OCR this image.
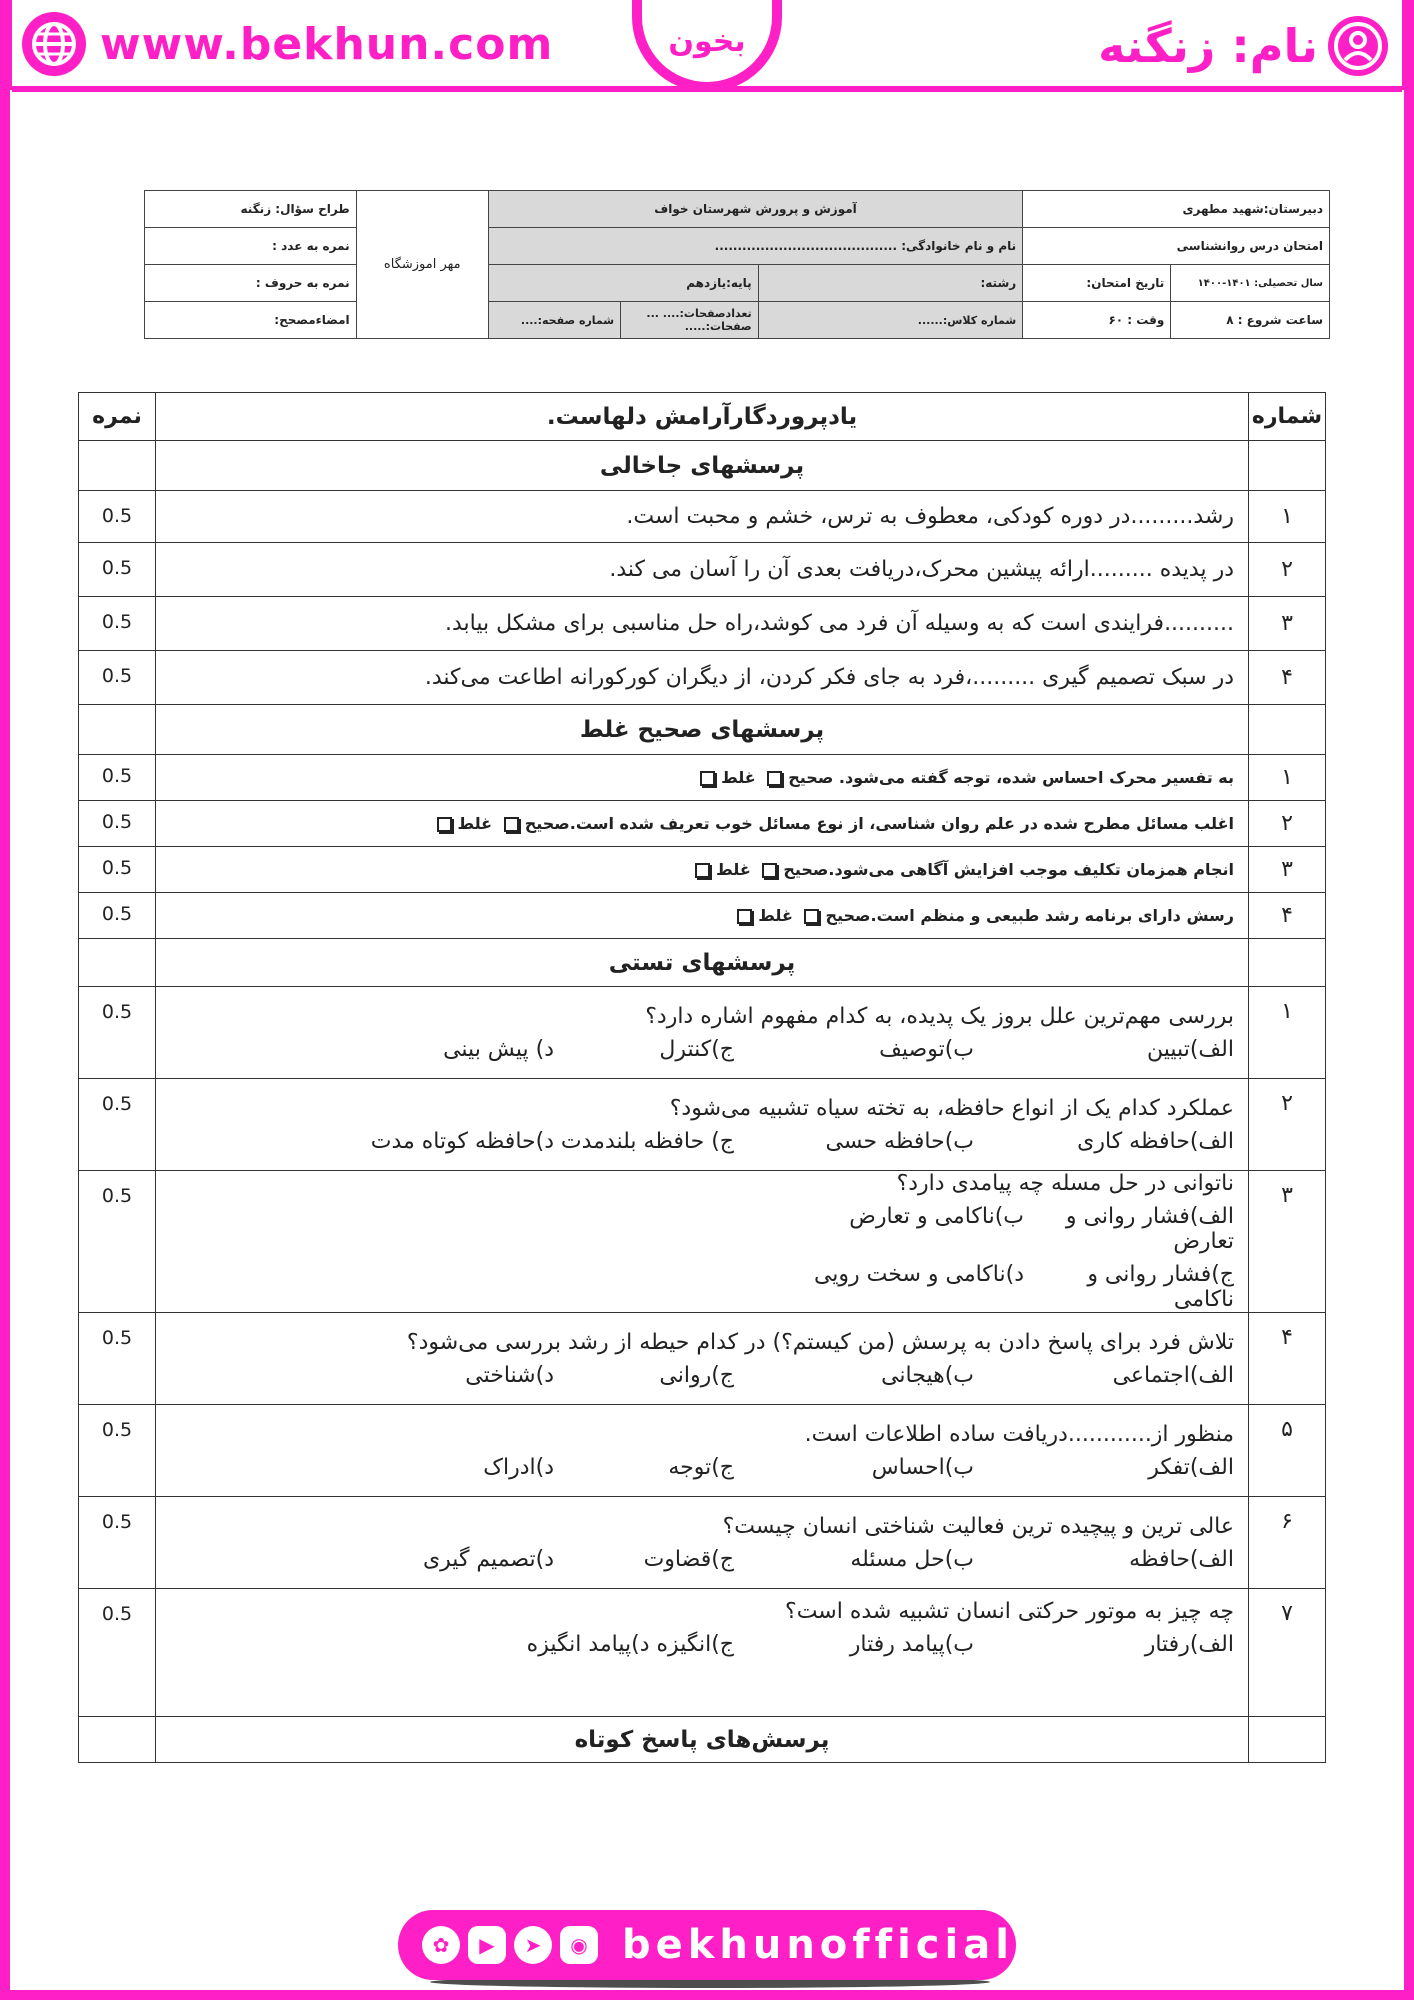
www.bekhun.com	بخون	نام: زنگنه
دبیرستان:شهید مطهری		آموزش و پرورش شهرستان خواف			مهر اموزشگاه	طراح سؤال: زنگنه
امتحان درس روانشناسی		نام و نام خانوادگی: ........................................				نمره به عدد :
سال تحصیلی: ۱۴۰۱-۱۴۰۰	تاریخ امتحان:	رشته:	پایه:یازدهم			نمره به حروف :
ساعت شروع : ۸	وقت : ۶۰	شماره کلاس:......	تعدادصفحات:.... ... صفحات:.....	شماره صفحه:....		امضاءمصحح:
شماره	یادپروردگارآرامش دلهاست.	نمره
	پرسشهای جاخالی	
۱	رشد.........در دوره کودکی، معطوف به ترس، خشم و محبت است.	0.5
۲	در پدیده .........ارائه پیشین محرک،دریافت بعدی آن را آسان می کند.	0.5
۳	..........فرایندی است که به وسیله آن فرد می کوشد،راه حل مناسبی برای مشکل بیابد.	0.5
۴	در سبک تصمیم گیری .........،فرد به جای فکر کردن، از دیگران کورکورانه اطاعت می‌کند.	0.5
	پرسشهای صحیح غلط	
۱	به تفسیر محرک احساس شده، توجه گفته می‌شود. صحیح غلط	0.5
۲	اغلب مسائل مطرح شده در علم روان شناسی، از نوع مسائل خوب تعریف شده است.صحیح غلط	0.5
۳	انجام همزمان تکلیف موجب افزایش آگاهی می‌شود.صحیح غلط	0.5
۴	رسش دارای برنامه رشد طبیعی و منظم است.صحیح غلط	0.5
	پرسشهای تستی	
۱	بررسی مهم‌ترین علل بروز یک پدیده، به کدام مفهوم اشاره دارد؟
الف)تبیین
ب)توصیف
ج)کنترل
د) پیش بینی	0.5
۲	عملکرد کدام یک از انواع حافظه، به تخته سیاه تشبیه می‌شود؟
الف)حافظه کاری
ب)حافظه حسی
ج) حافظه بلندمدت
د)حافظه کوتاه مدت	0.5
۳	ناتوانی در حل مسله چه پیامدی دارد؟
الف)فشار روانی و تعارض
ب)ناکامی و تعارض
ج)فشار روانی و ناکامی
د)ناکامی و سخت رویی	0.5
۴	تلاش فرد برای پاسخ دادن به پرسش (من کیستم؟) در کدام حیطه از رشد بررسی می‌شود؟
الف)اجتماعی
ب)هیجانی
ج)روانی
د)شناختی	0.5
۵	منظور از............دریافت ساده اطلاعات است.
الف)تفکر
ب)احساس
ج)توجه
د)ادراک	0.5
۶	عالی ترین و پیچیده ترین فعالیت شناختی انسان چیست؟
الف)حافظه
ب)حل مسئله
ج)قضاوت
د)تصمیم گیری	0.5
۷	چه چیز به موتور حرکتی انسان تشبیه شده است؟
الف)رفتار
ب)پیامد رفتار
ج)انگیزه د)پیامد انگیزه	0.5
	پرسش‌های پاسخ کوتاه	
✿	▶	➤	◉ bekhunofficial
